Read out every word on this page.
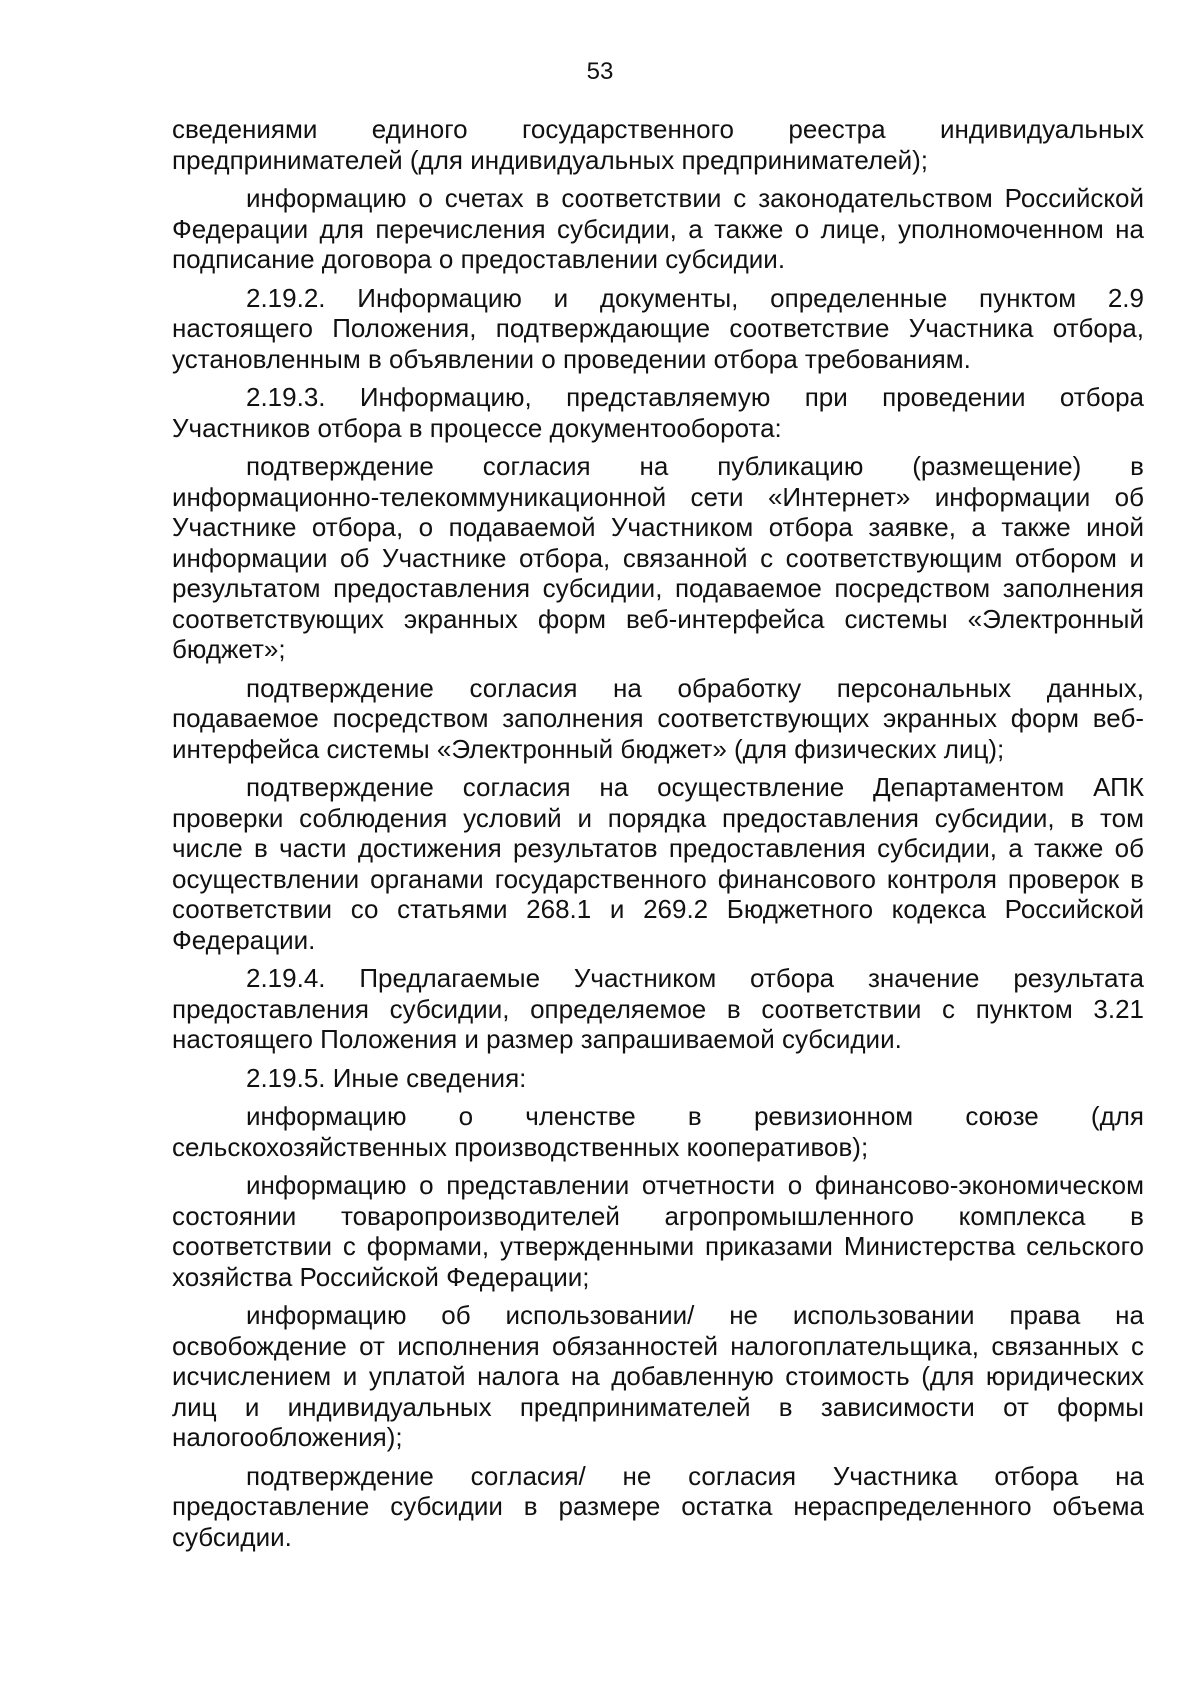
53

сведениями единого государственного реестра индивидуальных предпринимателей (для индивидуальных предпринимателей);

информацию о счетах в соответствии с законодательством Российской Федерации для перечисления субсидии, а также о лице, уполномоченном на подписание договора о предоставлении субсидии.

2.19.2. Информацию и документы, определенные пунктом 2.9 настоящего Положения, подтверждающие соответствие Участника отбора, установленным в объявлении о проведении отбора требованиям.

2.19.3. Информацию, представляемую при проведении отбора Участников отбора в процессе документооборота:

подтверждение согласия на публикацию (размещение) в информационно-телекоммуникационной сети «Интернет» информации об Участнике отбора, о подаваемой Участником отбора заявке, а также иной информации об Участнике отбора, связанной с соответствующим отбором и результатом предоставления субсидии, подаваемое посредством заполнения соответствующих экранных форм веб-интерфейса системы «Электронный бюджет»;

подтверждение согласия на обработку персональных данных, подаваемое посредством заполнения соответствующих экранных форм веб-интерфейса системы «Электронный бюджет» (для физических лиц);

подтверждение согласия на осуществление Департаментом АПК проверки соблюдения условий и порядка предоставления субсидии, в том числе в части достижения результатов предоставления субсидии, а также об осуществлении органами государственного финансового контроля проверок в соответствии со статьями 268.1 и 269.2 Бюджетного кодекса Российской Федерации.

2.19.4. Предлагаемые Участником отбора значение результата предоставления субсидии, определяемое в соответствии с пунктом 3.21 настоящего Положения и размер запрашиваемой субсидии.

2.19.5. Иные сведения:

информацию о членстве в ревизионном союзе (для сельскохозяйственных производственных кооперативов);

информацию о представлении отчетности о финансово-экономическом состоянии товаропроизводителей агропромышленного комплекса в соответствии с формами, утвержденными приказами Министерства сельского хозяйства Российской Федерации;

информацию об использовании/ не использовании права на освобождение от исполнения обязанностей налогоплательщика, связанных с исчислением и уплатой налога на добавленную стоимость (для юридических лиц и индивидуальных предпринимателей в зависимости от формы налогообложения);

подтверждение согласия/ не согласия Участника отбора на предоставление субсидии в размере остатка нераспределенного объема субсидии.
